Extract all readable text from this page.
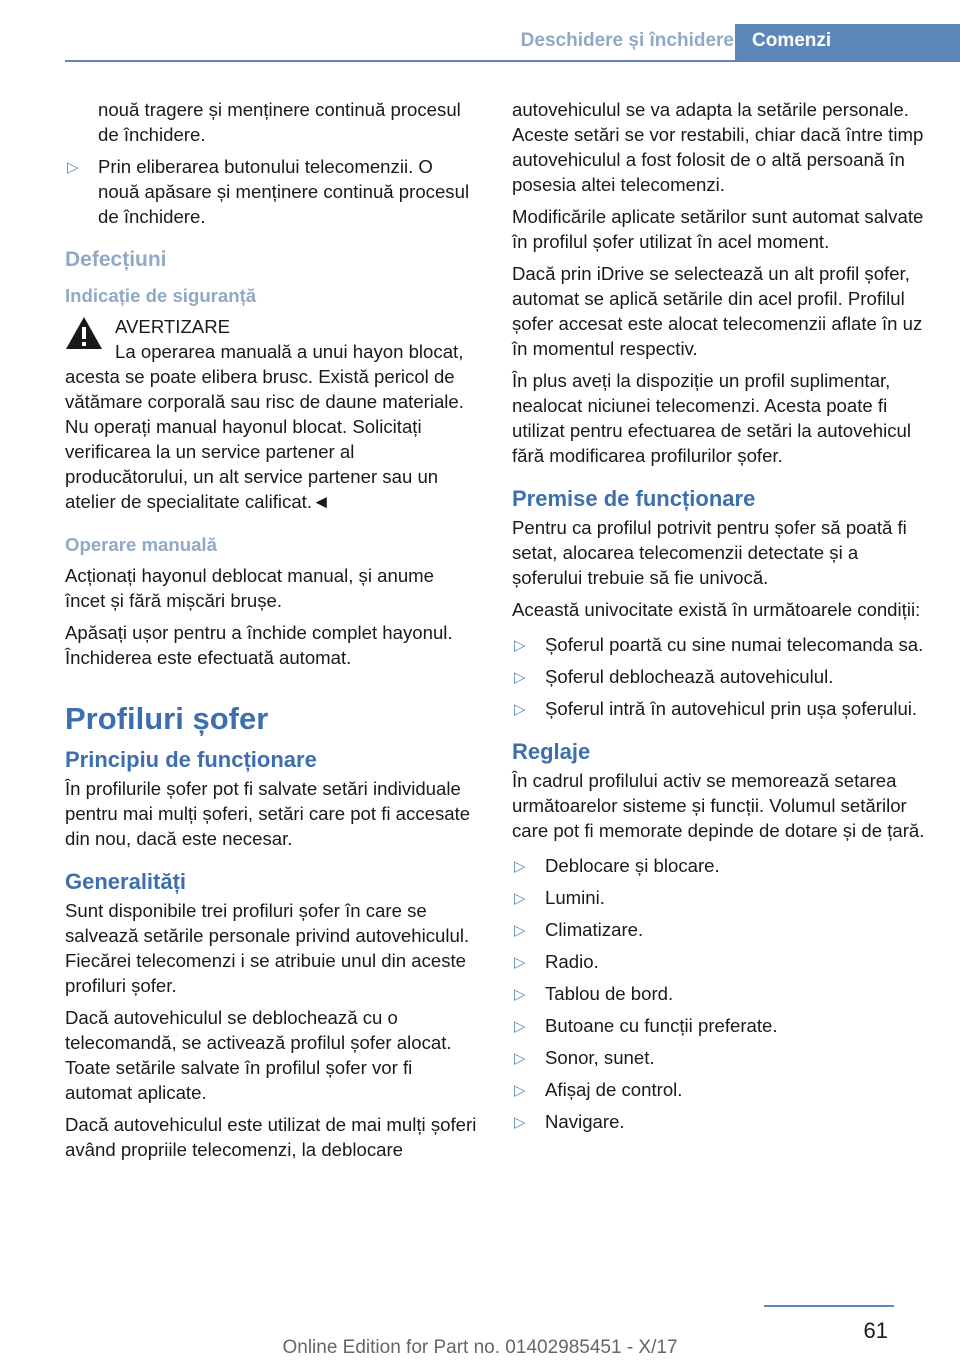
Deschidere și închidere Comenzi

nouă tragere și menținere continuă procesul de închidere.

▷ Prin eliberarea butonului telecomenzii. O nouă apăsare și menținere continuă procesul de închidere.
Defecțiuni
Indicație de siguranță
AVERTIZARE
La operarea manuală a unui hayon blocat, acesta se poate elibera brusc. Există pericol de vătămare corporală sau risc de daune materiale. Nu operați manual hayonul blocat. Solicitați verificarea la un service partener al producătorului, un alt service partener sau un atelier de specialitate calificat.◄
Operare manuală

Acționați hayonul deblocat manual, și anume încet și fără mișcări brușe.

Apăsați ușor pentru a închide complet hayonul. Închiderea este efectuată automat.

Profiluri șofer
Principiu de funcționare

În profilurile șofer pot fi salvate setări individuale pentru mai mulți șoferi, setări care pot fi accesate din nou, dacă este necesar.

Generalități

Sunt disponibile trei profiluri șofer în care se salvează setările personale privind autovehiculul. Fiecărei telecomenzi i se atribuie unul din aceste profiluri șofer.

Dacă autovehiculul se deblochează cu o telecomandă, se activează profilul șofer alocat. Toate setările salvate în profilul șofer vor fi automat aplicate.

Dacă autovehiculul este utilizat de mai mulți șoferi având propriile telecomenzi, la deblocare

autovehiculul se va adapta la setările personale. Aceste setări se vor restabili, chiar dacă între timp autovehiculul a fost folosit de o altă persoană în posesia altei telecomenzi.

Modificările aplicate setărilor sunt automat salvate în profilul șofer utilizat în acel moment.

Dacă prin iDrive se selectează un alt profil șofer, automat se aplică setările din acel profil. Profilul șofer accesat este alocat telecomenzii aflate în uz în momentul respectiv.

În plus aveți la dispoziție un profil suplimentar, nealocat niciunei telecomenzi. Acesta poate fi utilizat pentru efectuarea de setări la autovehicul fără modificarea profilurilor șofer.

Premise de funcționare

Pentru ca profilul potrivit pentru șofer să poată fi setat, alocarea telecomenzii detectate și a șoferului trebuie să fie univocă.

Această univocitate există în următoarele condiții:

▷ Șoferul poartă cu sine numai telecomanda sa.
▷ Șoferul deblochează autovehiculul.
▷ Șoferul intră în autovehicul prin ușa șoferului.
Reglaje

În cadrul profilului activ se memorează setarea următoarelor sisteme și funcții. Volumul setărilor care pot fi memorate depinde de dotare și de țară.

▷ Deblocare și blocare.
▷ Lumini.
▷ Climatizare.
▷ Radio.
▷ Tablou de bord.
▷ Butoane cu funcții preferate.
▷ Sonor, sunet.
▷ Afișaj de control.
▷ Navigare.
61
Online Edition for Part no. 01402985451 - X/17
